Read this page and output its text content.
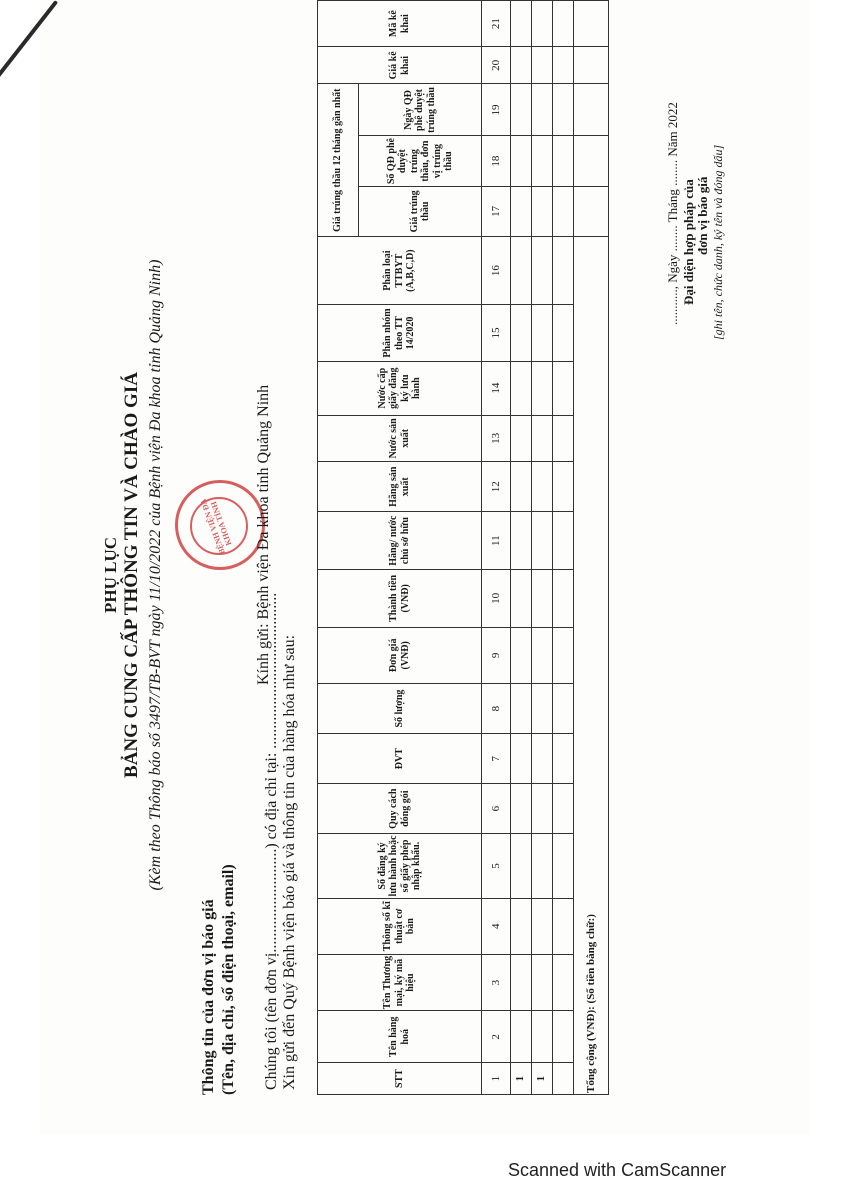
PHỤ LỤC BẢNG CUNG CẤP THÔNG TIN VÀ CHÀO GIÁ (Kèm theo Thông báo số 3497/TB-BVT ngày 11/10/2022 của Bệnh viện Đa khoa tỉnh Quảng Ninh)	BỆNH VIỆN ĐA KHOA TỈNH
Thông tin của đơn vị báo giá (Tên, địa chỉ, số điện thoại, email)
Kính gửi: Bệnh viện Đa khoa tỉnh Quảng Ninh
Chúng tôi (tên đơn vị..........................) có địa chỉ tại: ....................................... Xin gửi đến Quý Bệnh viện báo giá và thông tin của hàng hóa như sau:	STT	Tên hàng hoá	Tên Thương mại, ký mã hiệu	Thông số kĩ thuật cơ bản	Số đăng ký lưu hành hoặc số giấy phép nhập khẩu.	Quy cách đóng gói	ĐVT	Số lượng	Đơn giá (VNĐ)	Thành tiền (VNĐ)	Hãng/ nước chủ sở hữu	Hãng sản xuất	Nước sản xuất	Nước cấp giấy đăng ký lưu hành	Phân nhóm theo TT 14/2020	Phân loại TTBYT (A,B,C,D)	Giá trúng thầu 12 tháng gần nhất			Giá kê khai	Mã kê khai
																Giá trúng thầu	Số QĐ phê duyệt trúng thầu, đơn vị trúng thầu	Ngày QĐ phê duyệt trúng thầu		
1	2	3	4	5	6	7	8	9	10	11	12	13	14	15	16	17	18	19	20	21
1																				
1																				

Tổng cộng (VNĐ): (Số tiền bằng chữ:)																				
..........., Ngày ........ Tháng ........ Năm 2022 Đại diện hợp pháp của đơn vị báo giá [ghi tên, chức danh, ký tên và đóng dấu]
Scanned with CamScanner
